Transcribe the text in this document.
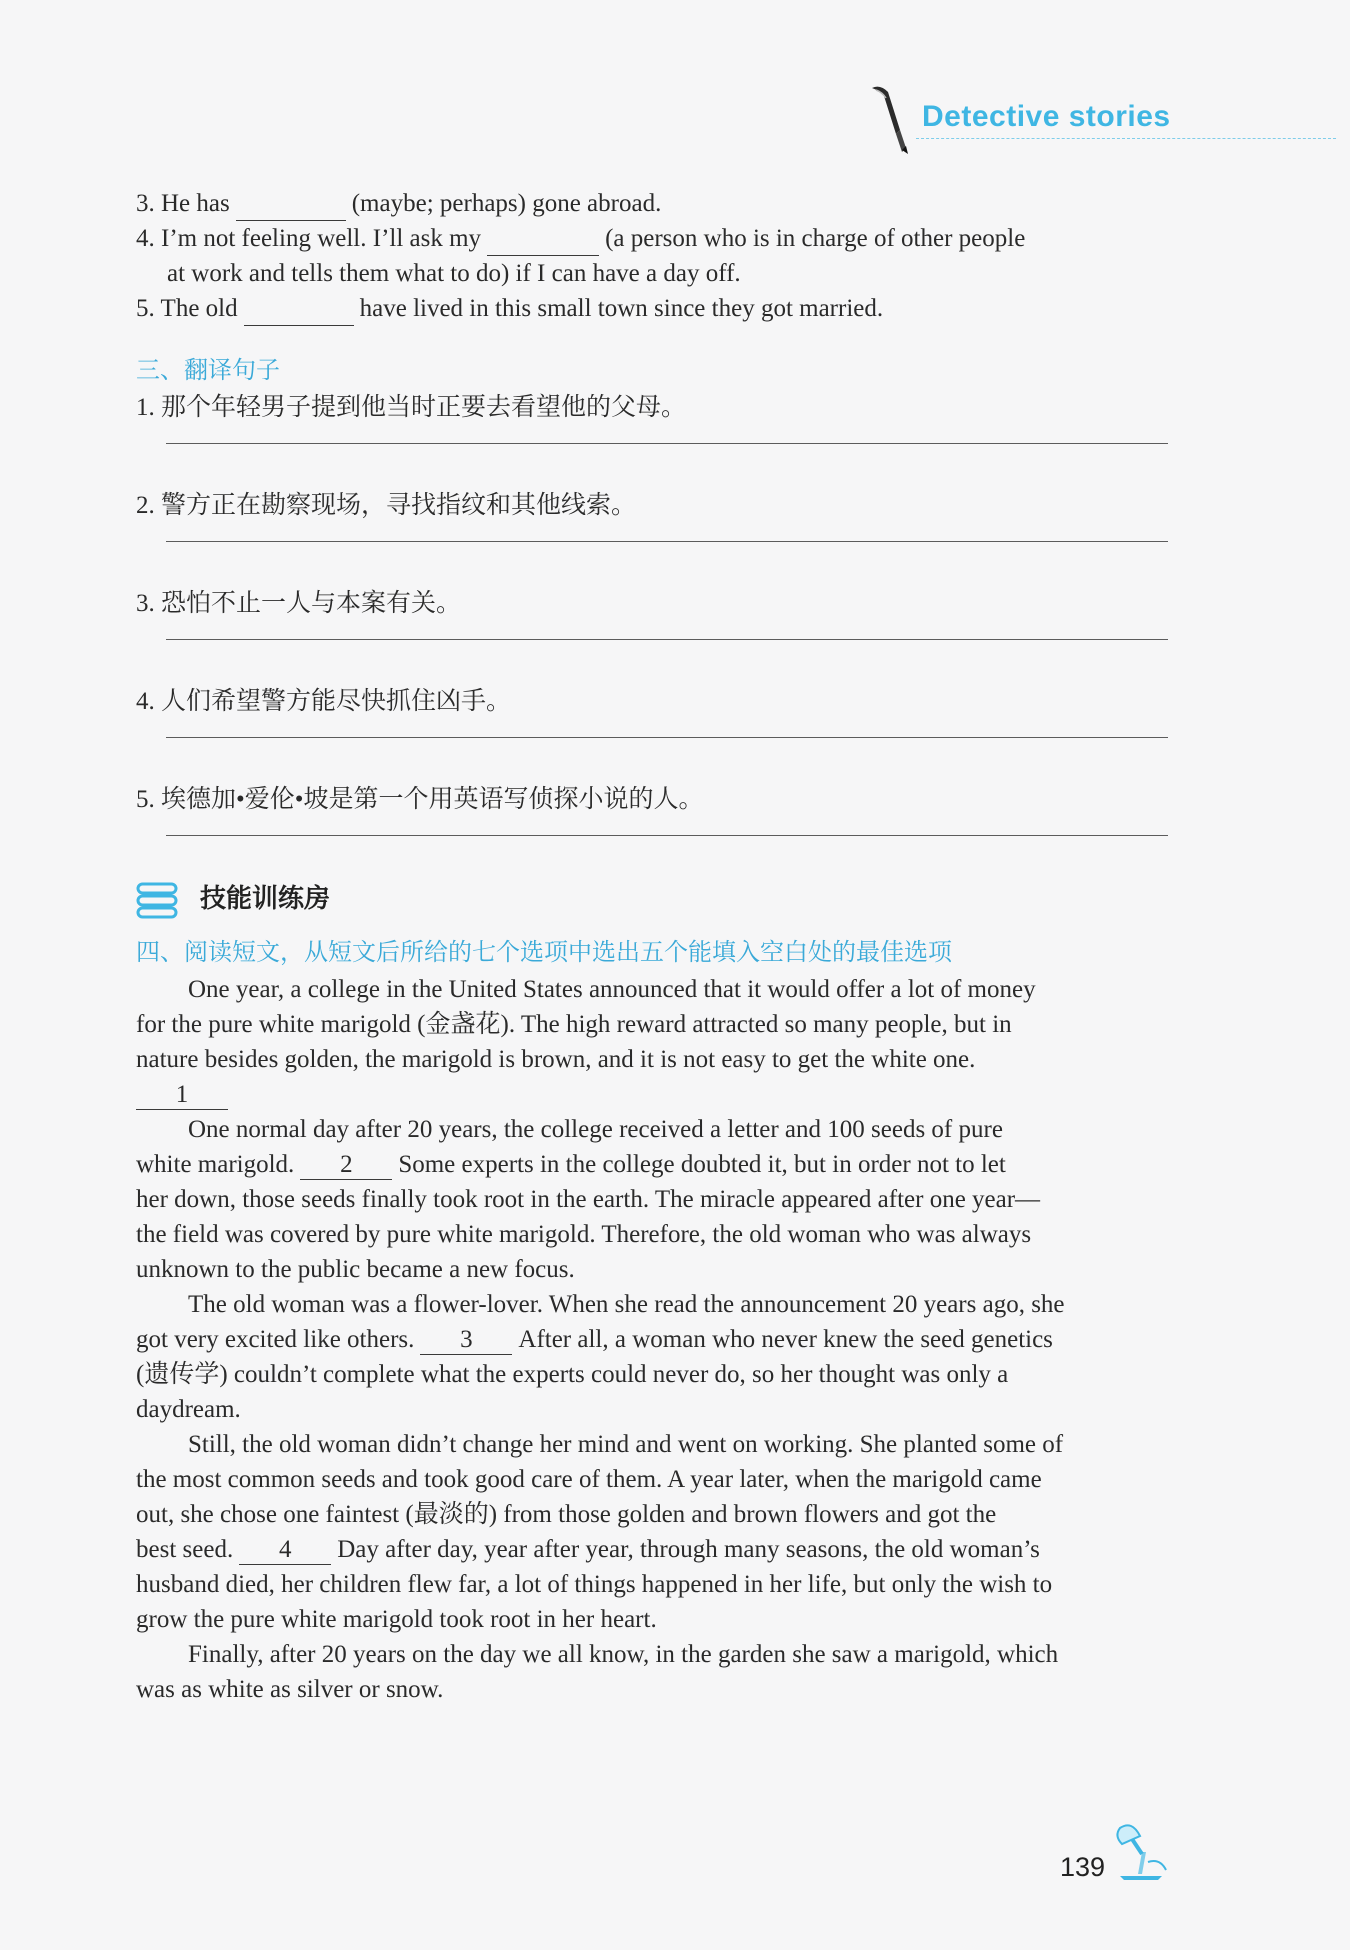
Detective stories
3. He has	(maybe; perhaps) gone abroad.
4. I’m not feeling well. I’ll ask my	(a person who is in charge of other people
at work and tells them what to do) if I can have a day off.
5. The old	have lived in this small town since they got married.
三、翻译句子
1. 那个年轻男子提到他当时正要去看望他的父母。
2. 警方正在勘察现场，寻找指纹和其他线索。
3. 恐怕不止一人与本案有关。
4. 人们希望警方能尽快抓住凶手。
5. 埃德加•爱伦•坡是第一个用英语写侦探小说的人。
技能训练房
四、阅读短文，从短文后所给的七个选项中选出五个能填入空白处的最佳选项
One year, a college in the United States announced that it would offer a lot of money
for the pure white marigold (金盏花). The high reward attracted so many people, but in
nature besides golden, the marigold is brown, and it is not easy to get the white one.
1
One normal day after 20 years, the college received a letter and 100 seeds of pure
white marigold. 2 Some experts in the college doubted it, but in order not to let
her down, those seeds finally took root in the earth. The miracle appeared after one year—
the field was covered by pure white marigold. Therefore, the old woman who was always
unknown to the public became a new focus.
The old woman was a flower-lover. When she read the announcement 20 years ago, she
got very excited like others. 3 After all, a woman who never knew the seed genetics
(遗传学) couldn’t complete what the experts could never do, so her thought was only a
daydream.
Still, the old woman didn’t change her mind and went on working. She planted some of
the most common seeds and took good care of them. A year later, when the marigold came
out, she chose one faintest (最淡的) from those golden and brown flowers and got the
best seed. 4 Day after day, year after year, through many seasons, the old woman’s
husband died, her children flew far, a lot of things happened in her life, but only the wish to
grow the pure white marigold took root in her heart.
Finally, after 20 years on the day we all know, in the garden she saw a marigold, which
was as white as silver or snow.
139
